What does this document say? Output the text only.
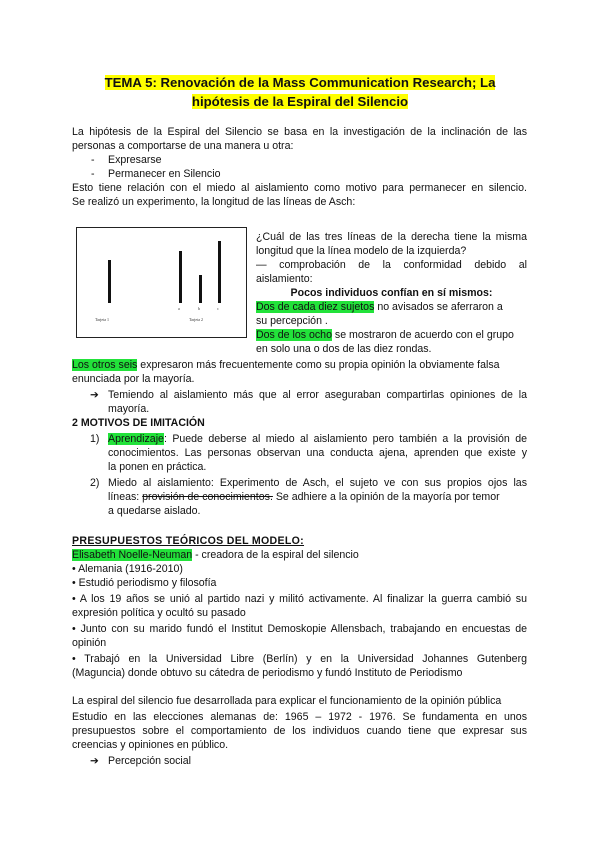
TEMA 5: Renovación de la Mass Communication Research; La
hipótesis de la Espiral del Silencio
La hipótesis de la Espiral del Silencio se basa en la investigación de la inclinación de las
personas a comportarse de una manera u otra:
- Expresarse
- Permanecer en Silencio
Esto tiene relación con el miedo al aislamiento como motivo para permanecer en silencio.
Se realizó un experimento, la longitud de las líneas de Asch:
a	b	c
Tarjeta 1	Tarjeta 2
¿Cuál de las tres líneas de la derecha tiene la misma
longitud que la línea modelo de la izquierda?
— comprobación de la conformidad debido al
aislamiento:
Pocos individuos confían en sí mismos:
Dos de cada diez sujetos no avisados se aferraron a
su percepción .
Dos de los ocho se mostraron de acuerdo con el grupo
en solo una o dos de las diez rondas.
Los otros seis expresaron más frecuentemente como su propia opinión la obviamente falsa
enunciada por la mayoría.
➔ Temiendo al aislamiento más que al error aseguraban compartirlas opiniones de la
mayoría.
2 MOTIVOS DE IMITACIÓN
1) Aprendizaje: Puede deberse al miedo al aislamiento pero también a la provisión de
conocimientos. Las personas observan una conducta ajena, aprenden que existe y
la ponen en práctica.
2) Miedo al aislamiento: Experimento de Asch, el sujeto ve con sus propios ojos las
líneas: provisión de conocimientos. Se adhiere a la opinión de la mayoría por temor
a quedarse aislado.
PRESUPUESTOS TEÓRICOS DEL MODELO:
Elisabeth Noelle-Neuman - creadora de la espiral del silencio
• Alemania (1916-2010)
• Estudió periodismo y filosofía
• A los 19 años se unió al partido nazi y militó activamente. Al finalizar la guerra cambió su
expresión política y ocultó su pasado
• Junto con su marido fundó el Institut Demoskopie Allensbach, trabajando en encuestas de
opinión
• Trabajó en la Universidad Libre (Berlín) y en la Universidad Johannes Gutenberg
(Maguncia) donde obtuvo su cátedra de periodismo y fundó Instituto de Periodismo
La espiral del silencio fue desarrollada para explicar el funcionamiento de la opinión pública
Estudio en las elecciones alemanas de: 1965 – 1972 - 1976. Se fundamenta en unos
presupuestos sobre el comportamiento de los individuos cuando tiene que expresar sus
creencias y opiniones en público.
➔ Percepción social
